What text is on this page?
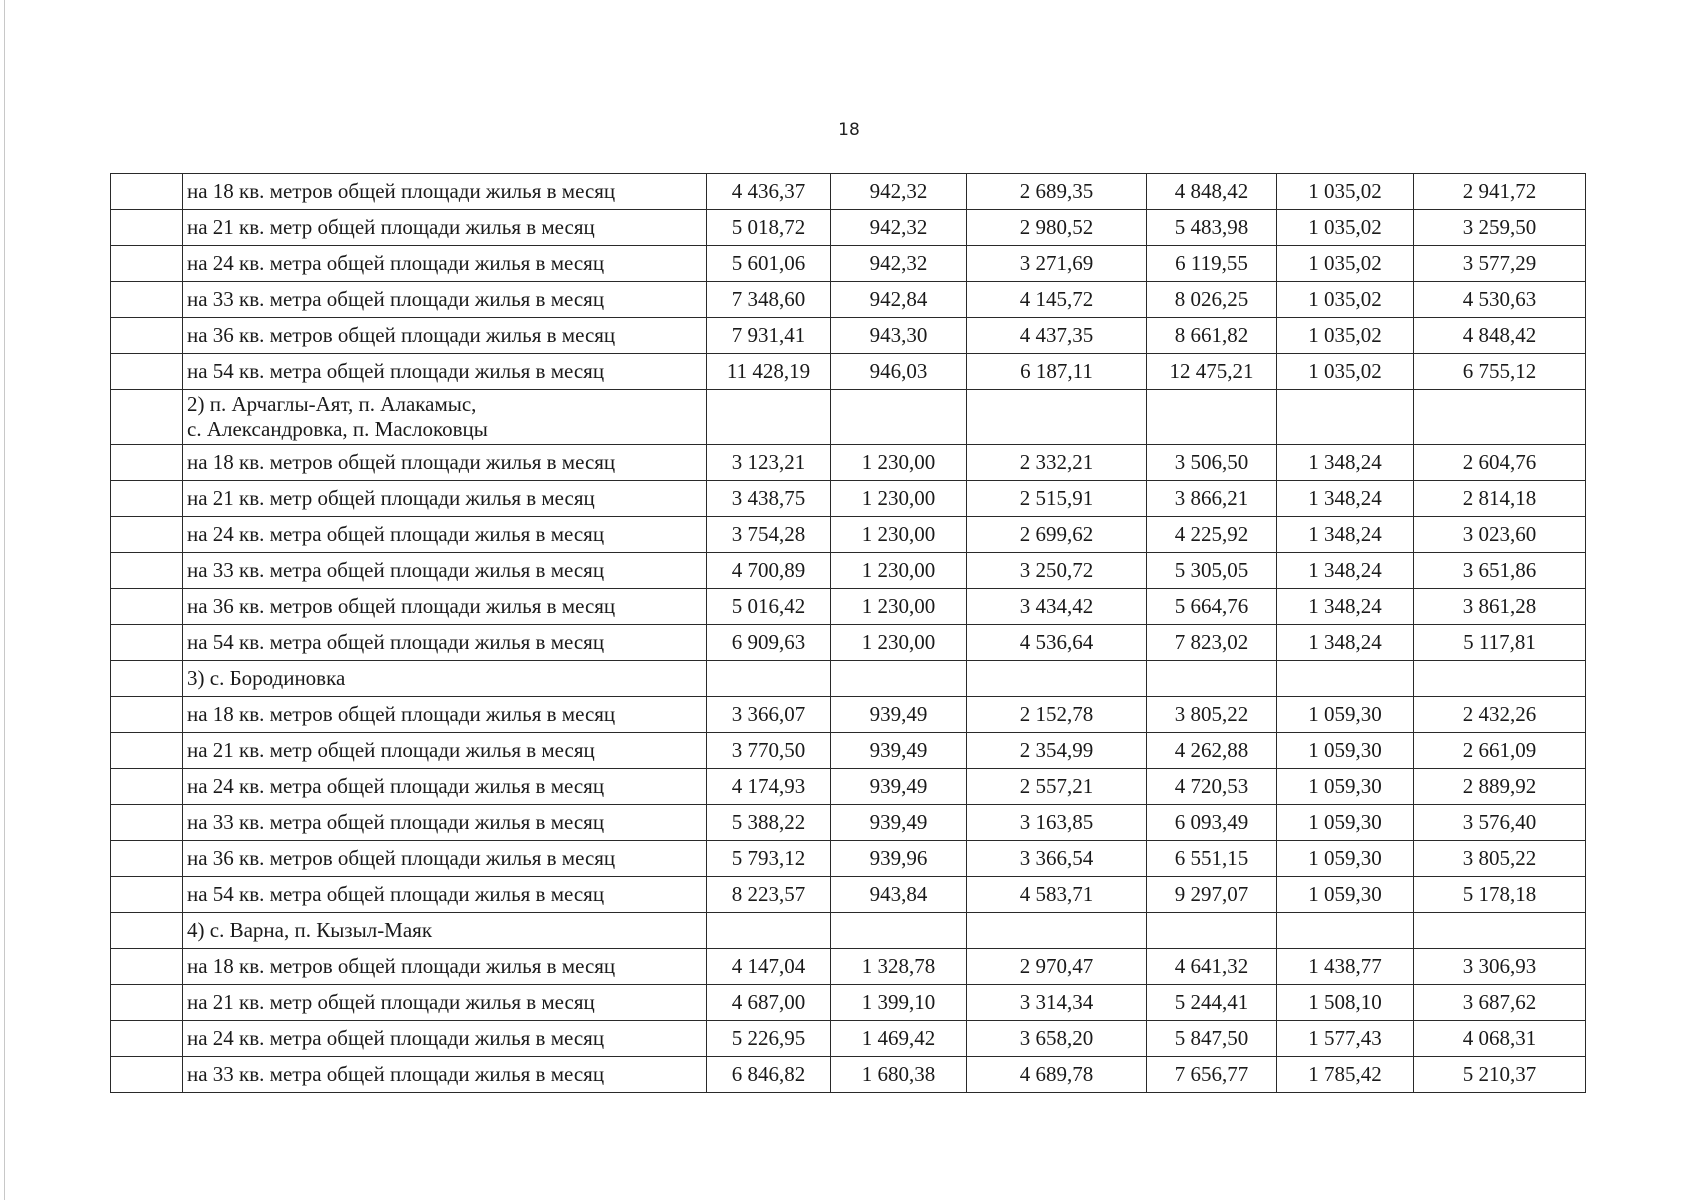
18
	на 18 кв. метров общей площади жилья в месяц	4 436,37	942,32	2 689,35	4 848,42	1 035,02	2 941,72
	на 21 кв. метр общей площади жилья в месяц	5 018,72	942,32	2 980,52	5 483,98	1 035,02	3 259,50
	на 24 кв. метра общей площади жилья в месяц	5 601,06	942,32	3 271,69	6 119,55	1 035,02	3 577,29
	на 33 кв. метра общей площади жилья в месяц	7 348,60	942,84	4 145,72	8 026,25	1 035,02	4 530,63
	на 36 кв. метров общей площади жилья в месяц	7 931,41	943,30	4 437,35	8 661,82	1 035,02	4 848,42
	на 54 кв. метра общей площади жилья в месяц	11 428,19	946,03	6 187,11	12 475,21	1 035,02	6 755,12

	2) п. Арчаглы-Аят, п. Алакамыс,
с. Александровка, п. Маслоковцы						

	на 18 кв. метров общей площади жилья в месяц	3 123,21	1 230,00	2 332,21	3 506,50	1 348,24	2 604,76
	на 21 кв. метр общей площади жилья в месяц	3 438,75	1 230,00	2 515,91	3 866,21	1 348,24	2 814,18
	на 24 кв. метра общей площади жилья в месяц	3 754,28	1 230,00	2 699,62	4 225,92	1 348,24	3 023,60
	на 33 кв. метра общей площади жилья в месяц	4 700,89	1 230,00	3 250,72	5 305,05	1 348,24	3 651,86
	на 36 кв. метров общей площади жилья в месяц	5 016,42	1 230,00	3 434,42	5 664,76	1 348,24	3 861,28
	на 54 кв. метра общей площади жилья в месяц	6 909,63	1 230,00	4 536,64	7 823,02	1 348,24	5 117,81

	3) с. Бородиновка						

	на 18 кв. метров общей площади жилья в месяц	3 366,07	939,49	2 152,78	3 805,22	1 059,30	2 432,26
	на 21 кв. метр общей площади жилья в месяц	3 770,50	939,49	2 354,99	4 262,88	1 059,30	2 661,09
	на 24 кв. метра общей площади жилья в месяц	4 174,93	939,49	2 557,21	4 720,53	1 059,30	2 889,92
	на 33 кв. метра общей площади жилья в месяц	5 388,22	939,49	3 163,85	6 093,49	1 059,30	3 576,40
	на 36 кв. метров общей площади жилья в месяц	5 793,12	939,96	3 366,54	6 551,15	1 059,30	3 805,22
	на 54 кв. метра общей площади жилья в месяц	8 223,57	943,84	4 583,71	9 297,07	1 059,30	5 178,18

	4) с. Варна, п. Кызыл-Маяк						

	на 18 кв. метров общей площади жилья в месяц	4 147,04	1 328,78	2 970,47	4 641,32	1 438,77	3 306,93
	на 21 кв. метр общей площади жилья в месяц	4 687,00	1 399,10	3 314,34	5 244,41	1 508,10	3 687,62
	на 24 кв. метра общей площади жилья в месяц	5 226,95	1 469,42	3 658,20	5 847,50	1 577,43	4 068,31
	на 33 кв. метра общей площади жилья в месяц	6 846,82	1 680,38	4 689,78	7 656,77	1 785,42	5 210,37
